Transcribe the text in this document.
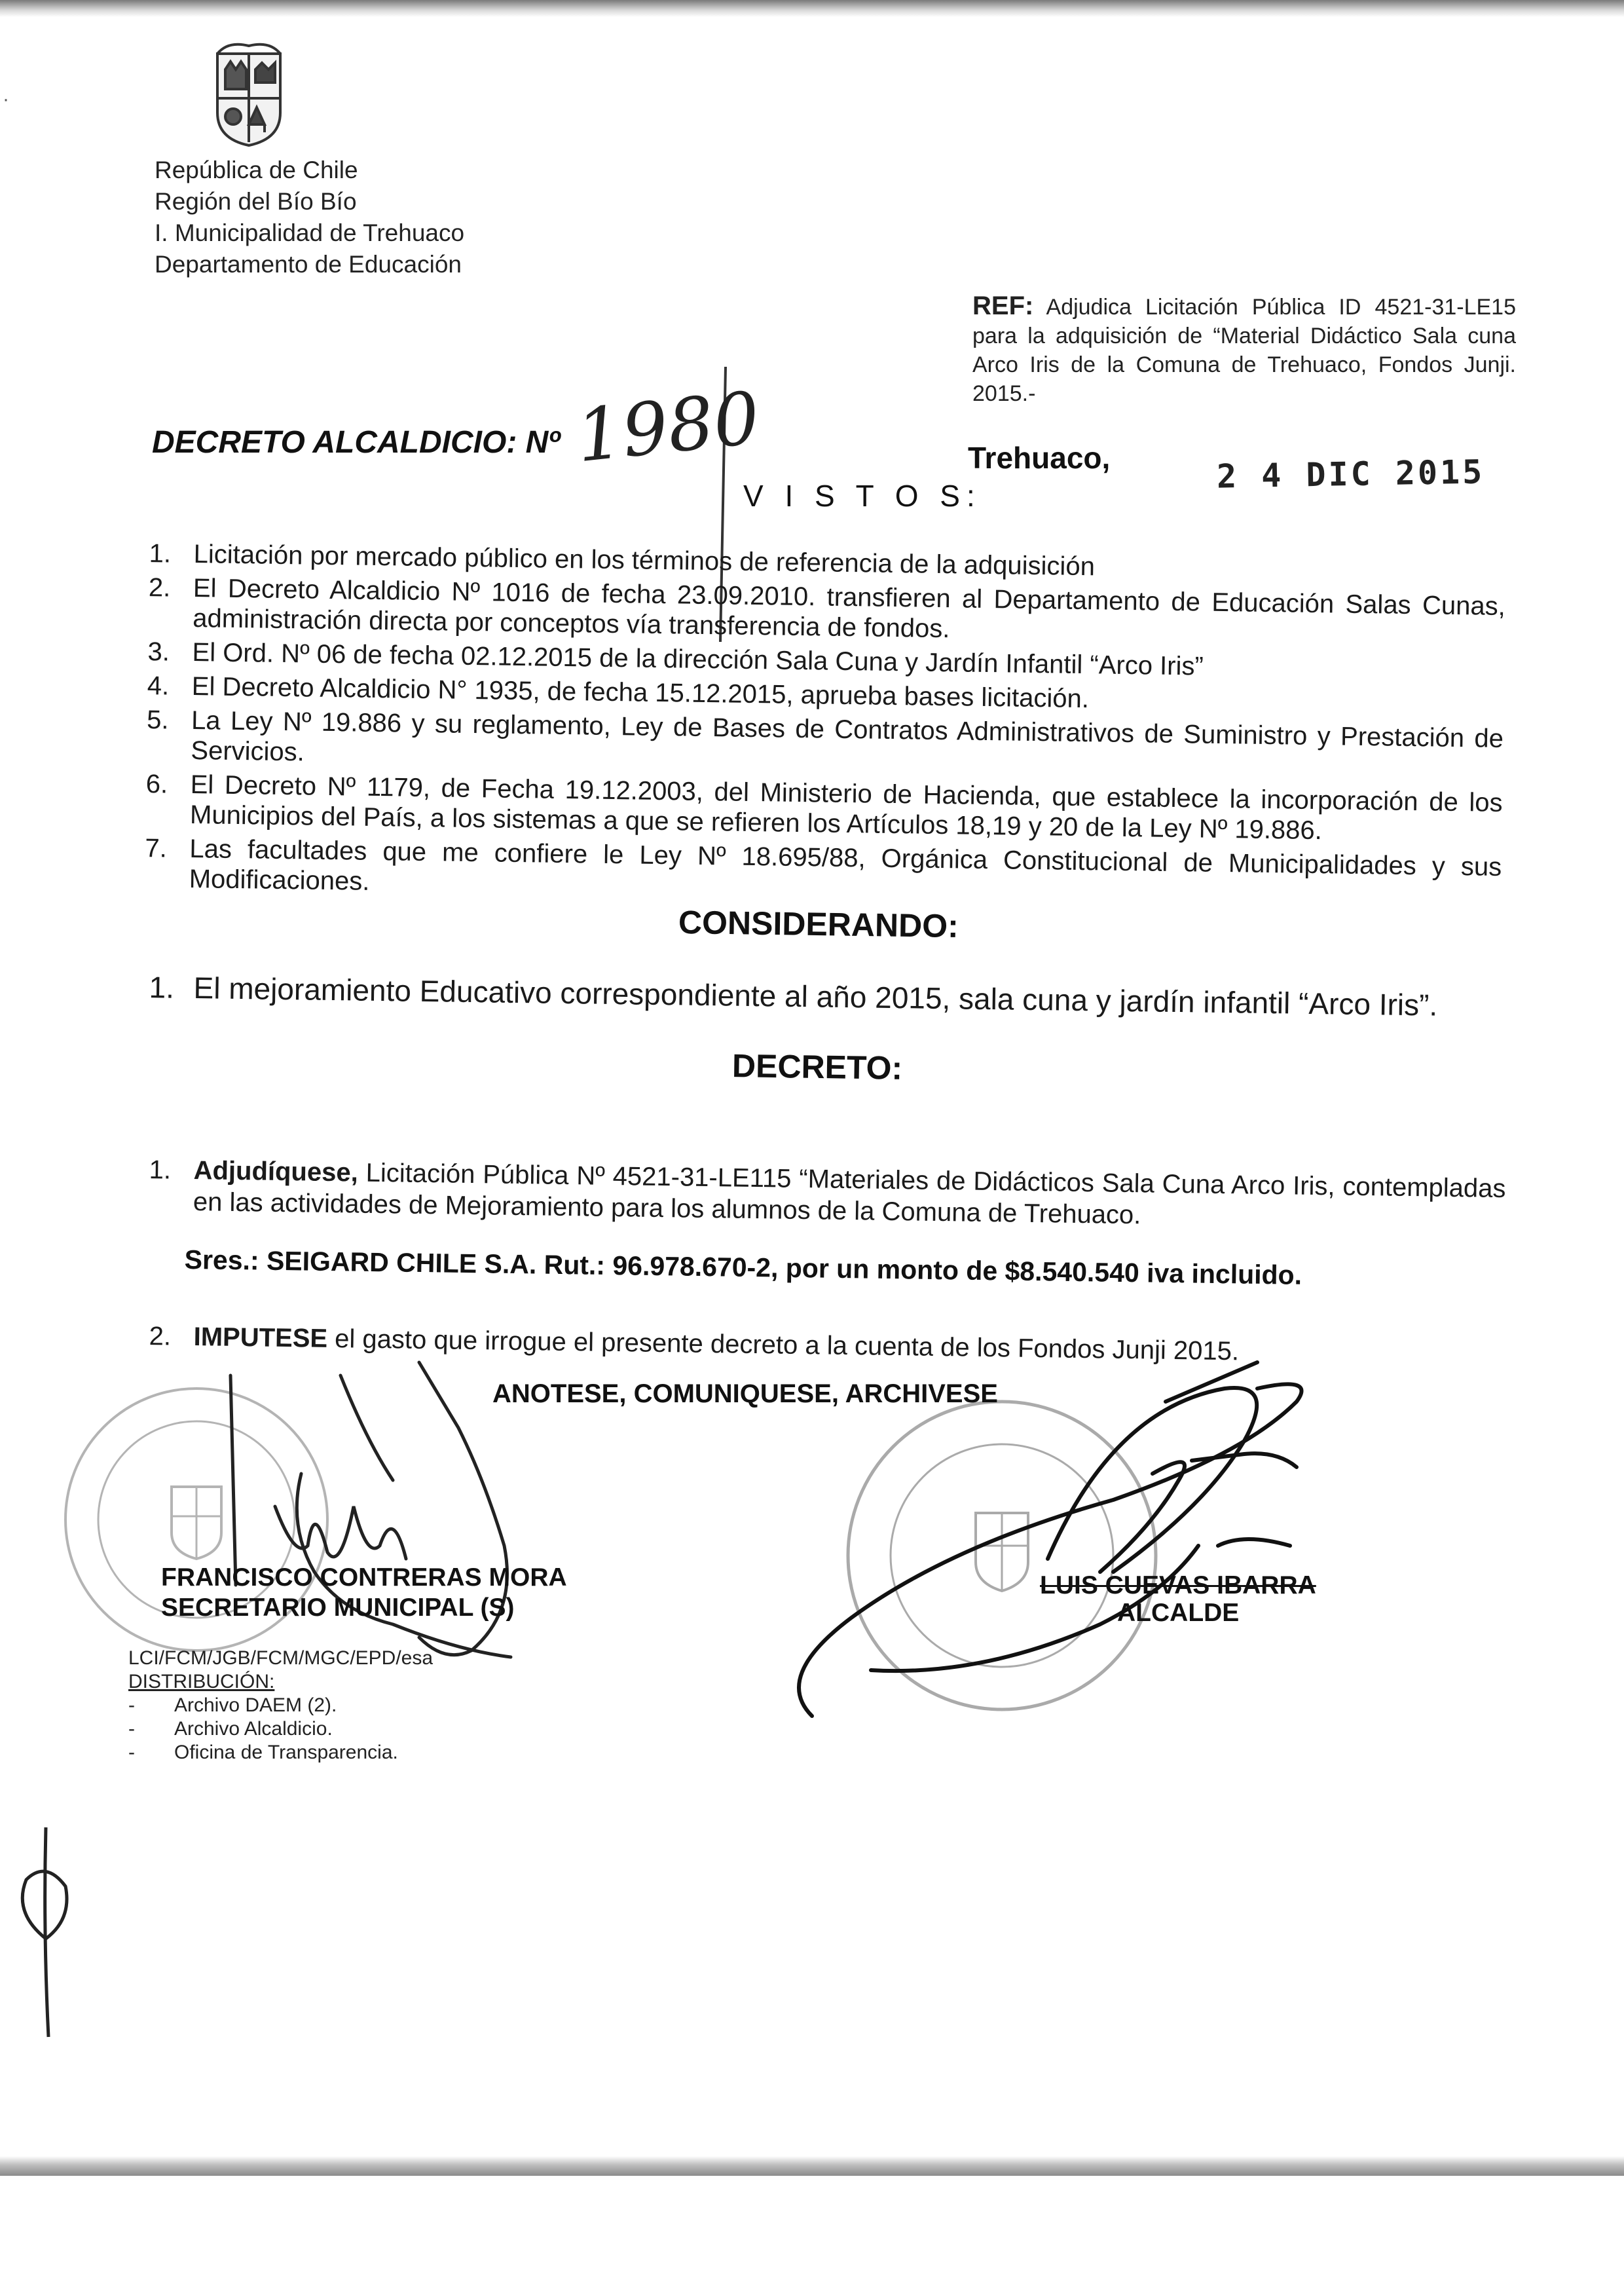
·
República de Chile
Región del Bío Bío
I. Municipalidad de Trehuaco
Departamento de Educación
REF: Adjudica Licitación Pública ID 4521-31-LE15 para la adquisición de “Material Didáctico Sala cuna Arco Iris de la Comuna de Trehuaco, Fondos Junji. 2015.-
DECRETO ALCALDICIO: Nº 1980
V I S T O S:
Trehuaco,	2 4 DIC 2015
1. Licitación por mercado público en los términos de referencia de la adquisición
2. El Decreto Alcaldicio Nº 1016 de fecha 23.09.2010. transfieren al Departamento de Educación Salas Cunas, administración directa por conceptos vía transferencia de fondos.
3. El Ord. Nº 06 de fecha 02.12.2015 de la dirección Sala Cuna y Jardín Infantil “Arco Iris”
4. El Decreto Alcaldicio N° 1935, de fecha 15.12.2015, aprueba bases licitación.
5. La Ley Nº 19.886 y su reglamento, Ley de Bases de Contratos Administrativos de Suministro y Prestación de Servicios.
6. El Decreto Nº 1179, de Fecha 19.12.2003, del Ministerio de Hacienda, que establece la incorporación de los Municipios del País, a los sistemas a que se refieren los Artículos 18,19 y 20 de la Ley Nº 19.886.
7. Las facultades que me confiere le Ley Nº 18.695/88, Orgánica Constitucional de Municipalidades y sus Modificaciones.
CONSIDERANDO:
1. El mejoramiento Educativo correspondiente al año 2015, sala cuna y jardín infantil “Arco Iris”.
DECRETO:
1. Adjudíquese, Licitación Pública Nº 4521-31-LE115 “Materiales de Didácticos Sala Cuna Arco Iris, contempladas en las actividades de Mejoramiento para los alumnos de la Comuna de Trehuaco.
Sres.: SEIGARD CHILE S.A. Rut.: 96.978.670-2, por un monto de $8.540.540 iva incluido.
2. IMPUTESE el gasto que irrogue el presente decreto a la cuenta de los Fondos Junji 2015.
ANOTESE, COMUNIQUESE, ARCHIVESE
FRANCISCO CONTRERAS MORA
SECRETARIO MUNICIPAL (S)
LUIS CUEVAS IBARRA
ALCALDE
LCI/FCM/JGB/FCM/MGC/EPD/esa
DISTRIBUCIÓN:
- Archivo DAEM (2).
- Archivo Alcaldicio.
- Oficina de Transparencia.
